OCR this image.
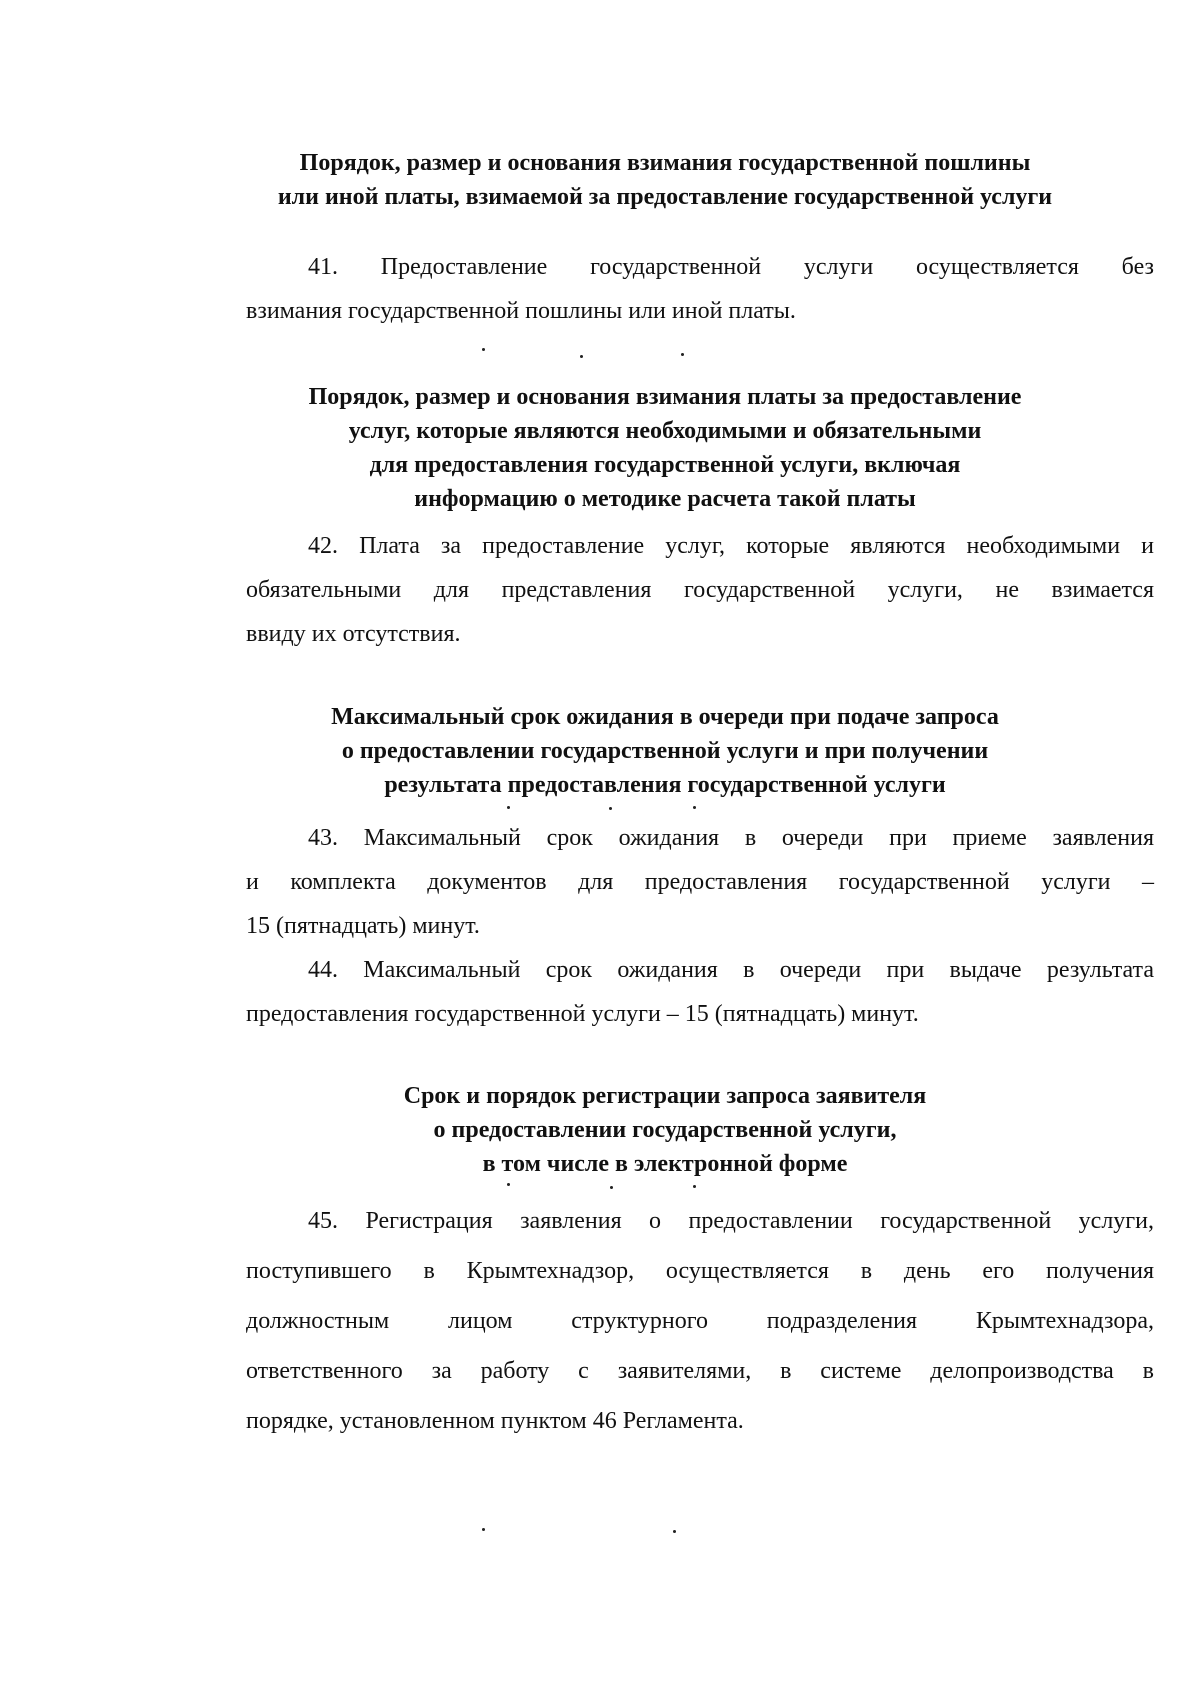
Порядок, размер и основания взимания государственной пошлины
или иной платы, взимаемой за предоставление государственной услуги
41. Предоставление государственной услуги осуществляется без
взимания государственной пошлины или иной платы.
Порядок, размер и основания взимания платы за предоставление
услуг, которые являются необходимыми и обязательными
для предоставления государственной услуги, включая
информацию о методике расчета такой платы
42. Плата за предоставление услуг, которые являются необходимыми и
обязательными для представления государственной услуги, не взимается
ввиду их отсутствия.
Максимальный срок ожидания в очереди при подаче запроса
о предоставлении государственной услуги и при получении
результата предоставления государственной услуги
43. Максимальный срок ожидания в очереди при приеме заявления
и комплекта документов для предоставления государственной услуги –
15 (пятнадцать) минут.
44. Максимальный срок ожидания в очереди при выдаче результата
предоставления государственной услуги – 15 (пятнадцать) минут.
Срок и порядок регистрации запроса заявителя
о предоставлении государственной услуги,
в том числе в электронной форме
45. Регистрация заявления о предоставлении государственной услуги,
поступившего в Крымтехнадзор, осуществляется в день его получения
должностным лицом структурного подразделения Крымтехнадзора,
ответственного за работу с заявителями, в системе делопроизводства в
порядке, установленном пунктом 46 Регламента.
